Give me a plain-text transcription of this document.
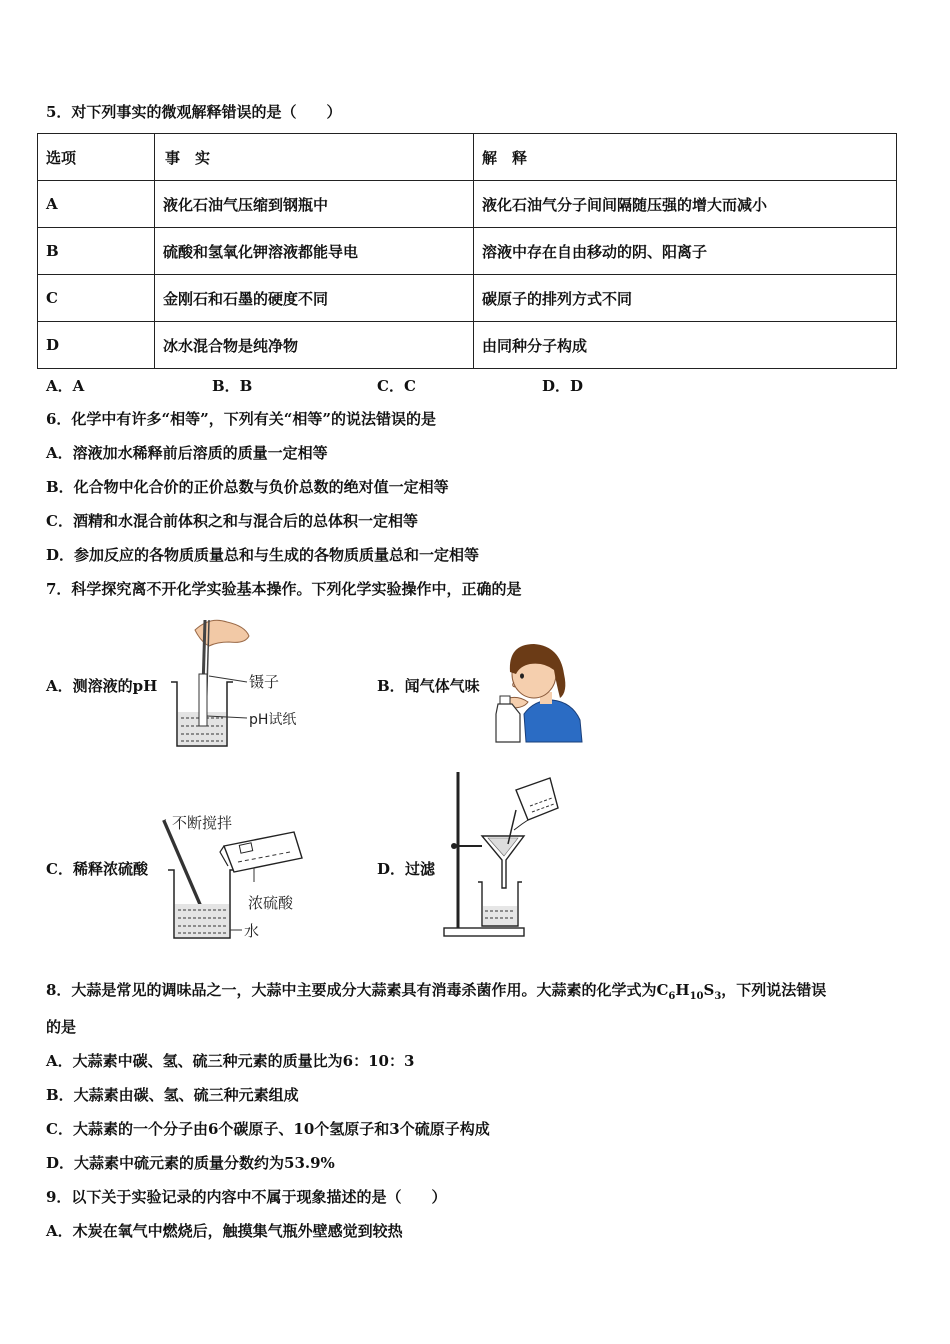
5．对下列事实的微观解释错误的是（　　）
选项	事　实	解　释
A	液化石油气压缩到钢瓶中	液化石油气分子间间隔随压强的增大而减小
B	硫酸和氢氧化钾溶液都能导电	溶液中存在自由移动的阴、阳离子
C	金刚石和石墨的硬度不同	碳原子的排列方式不同
D	冰水混合物是纯净物	由同种分子构成
A．A	B．B	C．C	D．D
6．化学中有许多“相等”，下列有关“相等”的说法错误的是
A．溶液加水稀释前后溶质的质量一定相等
B．化合物中化合价的正价总数与负价总数的绝对值一定相等
C．酒精和水混合前体积之和与混合后的总体积一定相等
D．参加反应的各物质质量总和与生成的各物质质量总和一定相等
7．科学探究离不开化学实验基本操作。下列化学实验操作中，正确的是
A．测溶液的pH	镊子
pH试纸
B．闻气体气味
C．稀释浓硫酸
不断搅拌
浓硫酸
水
D．过滤
8．大蒜是常见的调味品之一，大蒜中主要成分大蒜素具有消毒杀菌作用。大蒜素的化学式为$C_6H_{10}S_3$，下列说法错误
的是
A．大蒜素中碳、氢、硫三种元素的质量比为6：10：3
B．大蒜素由碳、氢、硫三种元素组成
C．大蒜素的一个分子由6个碳原子、10个氢原子和3个硫原子构成
D．大蒜素中硫元素的质量分数约为53.9%
9．以下关于实验记录的内容中不属于现象描述的是（　　）
A．木炭在氧气中燃烧后，触摸集气瓶外壁感觉到较热
